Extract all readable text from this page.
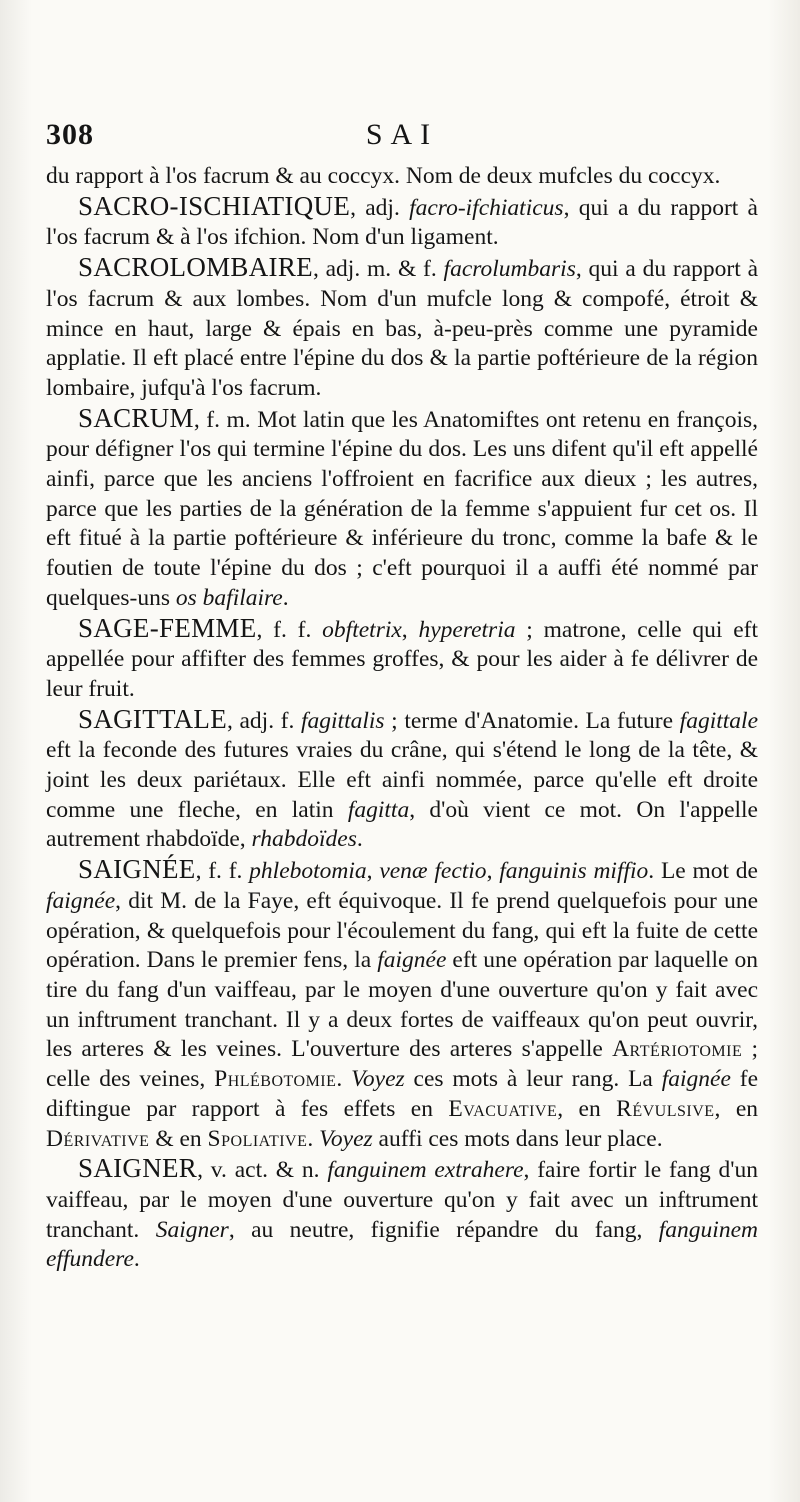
308	SAI

du rapport à l'os facrum & au coccyx. Nom de deux mufcles du coccyx.

SACRO-ISCHIATIQUE, adj. facro-ifchiaticus, qui a du rapport à l'os facrum & à l'os ifchion. Nom d'un ligament.

SACROLOMBAIRE, adj. m. & f. facrolumbaris, qui a du rapport à l'os facrum & aux lombes. Nom d'un mufcle long & compofé, étroit & mince en haut, large & épais en bas, à-peu-près comme une pyramide applatie. Il eft placé entre l'épine du dos & la partie poftérieure de la région lombaire, jufqu'à l'os facrum.

SACRUM, f. m. Mot latin que les Anatomiftes ont retenu en françois, pour défigner l'os qui termine l'épine du dos. Les uns difent qu'il eft appellé ainfi, parce que les anciens l'offroient en facrifice aux dieux ; les autres, parce que les parties de la génération de la femme s'appuient fur cet os. Il eft fitué à la partie poftérieure & inférieure du tronc, comme la bafe & le foutien de toute l'épine du dos ; c'eft pourquoi il a auffi été nommé par quelques-uns os bafilaire.

SAGE-FEMME, f. f. obftetrix, hyperetria ; matrone, celle qui eft appellée pour affifter des femmes groffes, & pour les aider à fe délivrer de leur fruit.

SAGITTALE, adj. f. fagittalis ; terme d'Anatomie. La future fagittale eft la feconde des futures vraies du crâne, qui s'étend le long de la tête, & joint les deux pariétaux. Elle eft ainfi nommée, parce qu'elle eft droite comme une fleche, en latin fagitta, d'où vient ce mot. On l'appelle autrement rhabdoïde, rhabdoïdes.

SAIGNÉE, f. f. phlebotomia, venæ fectio, fanguinis miffio. Le mot de faignée, dit M. de la Faye, eft équivoque. Il fe prend quelquefois pour une opération, & quelquefois pour l'écoulement du fang, qui eft la fuite de cette opération. Dans le premier fens, la faignée eft une opération par laquelle on tire du fang d'un vaiffeau, par le moyen d'une ouverture qu'on y fait avec un inftrument tranchant. Il y a deux fortes de vaiffeaux qu'on peut ouvrir, les arteres & les veines. L'ouverture des arteres s'appelle Artériotomie ; celle des veines, Phlébotomie. Voyez ces mots à leur rang. La faignée fe diftingue par rapport à fes effets en Evacuative, en Révulsive, en Dérivative & en Spoliative. Voyez auffi ces mots dans leur place.

SAIGNER, v. act. & n. fanguinem extrahere, faire fortir le fang d'un vaiffeau, par le moyen d'une ouverture qu'on y fait avec un inftrument tranchant. Saigner, au neutre, fignifie répandre du fang, fanguinem effundere.
